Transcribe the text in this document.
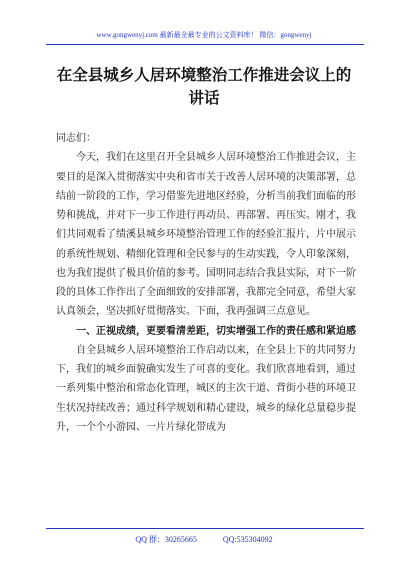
www.gongwenyj.com 最新最全最专业的公文资料库！ 微信：gongwenyj
在全县城乡人居环境整治工作推进会议上的讲话

同志们：

今天，我们在这里召开全县城乡人居环境整治工作推进会议，主要目的是深入贯彻落实中央和省市关于改善人居环境的决策部署，总结前一阶段的工作，学习借鉴先进地区经验，分析当前我们面临的形势和挑战，并对下一步工作进行再动员、再部署、再压实。刚才，我们共同观看了绩溪县城乡环境整治管理工作的经验汇报片，片中展示的系统性规划、精细化管理和全民参与的生动实践，令人印象深刻，也为我们提供了极具价值的参考。国明同志结合我县实际，对下一阶段的具体工作作出了全面细致的安排部署，我都完全同意，希望大家认真领会，坚决抓好贯彻落实。下面，我再强调三点意见。

一、正视成绩，更要看清差距，切实增强工作的责任感和紧迫感

自全县城乡人居环境整治工作启动以来，在全县上下的共同努力下，我们的城乡面貌确实发生了可喜的变化。我们欣喜地看到，通过一系列集中整治和常态化管理，城区的主次干道、背街小巷的环境卫生状况持续改善；通过科学规划和精心建设，城乡的绿化总量稳步提升，一个个小游园、一片片绿化带成为

QQ 群：30265665	QQ:535304092
